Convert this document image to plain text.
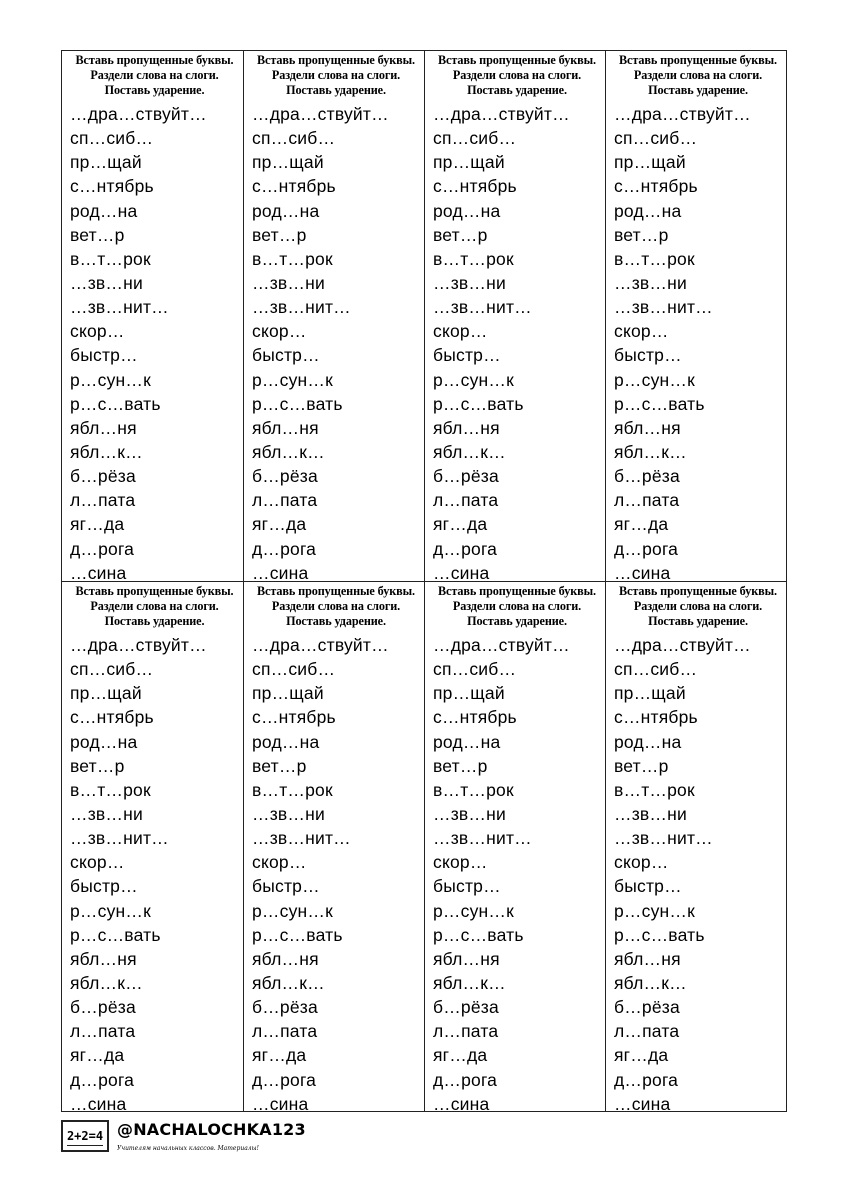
Вставь пропущенные буквы. Раздели слова на слоги. Поставь ударение.
…дра…ствуйт…
сп…сиб…
пр…щай
с…нтябрь
род…на
вет…р
в…т…рок
…зв…ни
…зв…нит…
скор…
быстр…
р…сун…к
р…с…вать
ябл…ня
ябл…к…
б…рёза
л…пата
яг…да
д…рога
…сина
Вставь пропущенные буквы. Раздели слова на слоги. Поставь ударение.
…дра…ствуйт…
сп…сиб…
пр…щай
с…нтябрь
род…на
вет…р
в…т…рок
…зв…ни
…зв…нит…
скор…
быстр…
р…сун…к
р…с…вать
ябл…ня
ябл…к…
б…рёза
л…пата
яг…да
д…рога
…сина
Вставь пропущенные буквы. Раздели слова на слоги. Поставь ударение.
…дра…ствуйт…
сп…сиб…
пр…щай
с…нтябрь
род…на
вет…р
в…т…рок
…зв…ни
…зв…нит…
скор…
быстр…
р…сун…к
р…с…вать
ябл…ня
ябл…к…
б…рёза
л…пата
яг…да
д…рога
…сина
Вставь пропущенные буквы. Раздели слова на слоги. Поставь ударение.
…дра…ствуйт…
сп…сиб…
пр…щай
с…нтябрь
род…на
вет…р
в…т…рок
…зв…ни
…зв…нит…
скор…
быстр…
р…сун…к
р…с…вать
ябл…ня
ябл…к…
б…рёза
л…пата
яг…да
д…рога
…сина
Вставь пропущенные буквы. Раздели слова на слоги. Поставь ударение.
…дра…ствуйт…
сп…сиб…
пр…щай
с…нтябрь
род…на
вет…р
в…т…рок
…зв…ни
…зв…нит…
скор…
быстр…
р…сун…к
р…с…вать
ябл…ня
ябл…к…
б…рёза
л…пата
яг…да
д…рога
…сина
Вставь пропущенные буквы. Раздели слова на слоги. Поставь ударение.
…дра…ствуйт…
сп…сиб…
пр…щай
с…нтябрь
род…на
вет…р
в…т…рок
…зв…ни
…зв…нит…
скор…
быстр…
р…сун…к
р…с…вать
ябл…ня
ябл…к…
б…рёза
л…пата
яг…да
д…рога
…сина
Вставь пропущенные буквы. Раздели слова на слоги. Поставь ударение.
…дра…ствуйт…
сп…сиб…
пр…щай
с…нтябрь
род…на
вет…р
в…т…рок
…зв…ни
…зв…нит…
скор…
быстр…
р…сун…к
р…с…вать
ябл…ня
ябл…к…
б…рёза
л…пата
яг…да
д…рога
…сина
Вставь пропущенные буквы. Раздели слова на слоги. Поставь ударение.
…дра…ствуйт…
сп…сиб…
пр…щай
с…нтябрь
род…на
вет…р
в…т…рок
…зв…ни
…зв…нит…
скор…
быстр…
р…сун…к
р…с…вать
ябл…ня
ябл…к…
б…рёза
л…пата
яг…да
д…рога
…сина
2+2=4 @NACHALOCHKA123
Учителям начальных классов. Материалы!
